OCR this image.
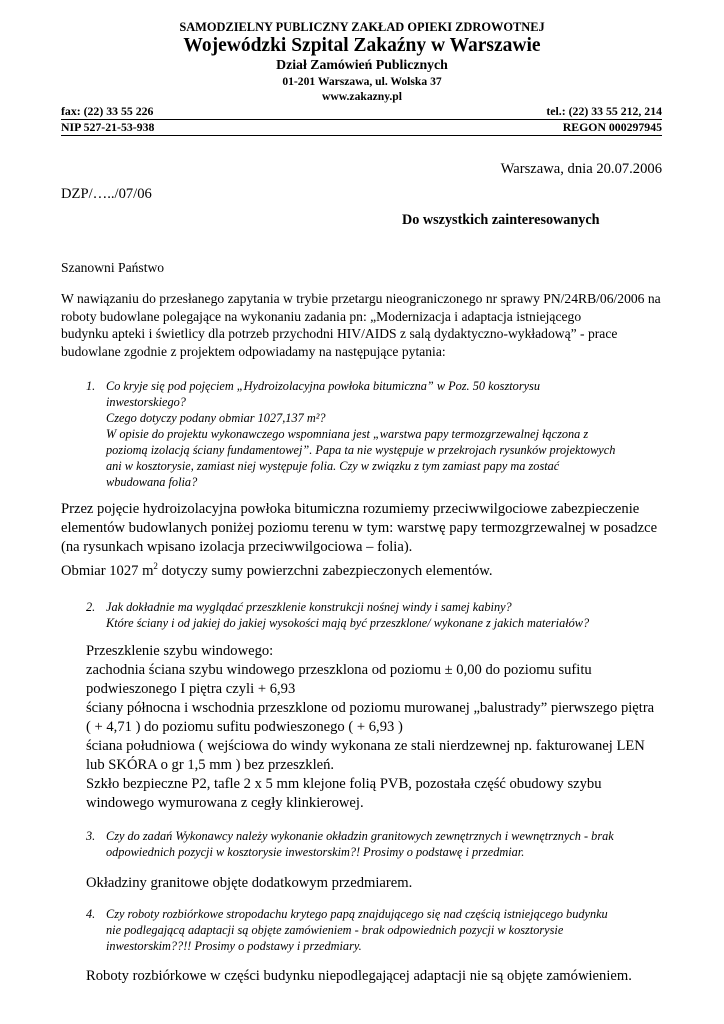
SAMODZIELNY PUBLICZNY ZAKŁAD OPIEKI ZDROWOTNEJ
Wojewódzki Szpital Zakaźny w Warszawie
Dział Zamówień Publicznych
01-201 Warszawa, ul. Wolska 37
www.zakazny.pl
fax: (22) 33 55 226	tel.: (22) 33 55 212, 214
NIP 527-21-53-938	REGON 000297945
Warszawa, dnia 20.07.2006
DZP/…../07/06
Do wszystkich zainteresowanych
Szanowni Państwo
W nawiązaniu do przesłanego zapytania w trybie przetargu nieograniczonego nr sprawy PN/24RB/06/2006 na
roboty budowlane polegające na wykonaniu zadania pn: „Modernizacja i adaptacja istniejącego
budynku apteki i świetlicy dla potrzeb przychodni HIV/AIDS z salą dydaktyczno-wykładową” - prace
budowlane zgodnie z projektem odpowiadamy na następujące pytania:
1. Co kryje się pod pojęciem „Hydroizolacyjna powłoka bitumiczna” w Poz. 50 kosztorysu
inwestorskiego?
Czego dotyczy podany obmiar 1027,137 m²?
W opisie do projektu wykonawczego wspomniana jest „warstwa papy termozgrzewalnej łączona z
poziomą izolacją ściany fundamentowej”. Papa ta nie występuje w przekrojach rysunków projektowych
ani w kosztorysie, zamiast niej występuje folia. Czy w związku z tym zamiast papy ma zostać
wbudowana folia?
Przez pojęcie hydroizolacyjna powłoka bitumiczna rozumiemy przeciwwilgociowe zabezpieczenie
elementów budowlanych poniżej poziomu terenu w tym: warstwę papy termozgrzewalnej w posadzce
(na rysunkach wpisano izolacja przeciwwilgociowa – folia).
Obmiar 1027 $m^2$ dotyczy sumy powierzchni zabezpieczonych elementów.
2. Jak dokładnie ma wyglądać przeszklenie konstrukcji nośnej windy i samej kabiny?
Które ściany i od jakiej do jakiej wysokości mają być przeszklone/ wykonane z jakich materiałów?
Przeszklenie szybu windowego:
zachodnia ściana szybu windowego przeszklona od poziomu ± 0,00 do poziomu sufitu
podwieszonego I piętra czyli + 6,93
ściany północna i wschodnia przeszklone od poziomu murowanej „balustrady” pierwszego piętra
( + 4,71 ) do poziomu sufitu podwieszonego ( + 6,93 )
ściana południowa ( wejściowa do windy wykonana ze stali nierdzewnej np. fakturowanej LEN
lub SKÓRA o gr 1,5 mm ) bez przeszkleń.
Szkło bezpieczne P2, tafle 2 x 5 mm klejone folią PVB, pozostała część obudowy szybu
windowego wymurowana z cegły klinkierowej.
3. Czy do zadań Wykonawcy należy wykonanie okładzin granitowych zewnętrznych i wewnętrznych - brak
odpowiednich pozycji w kosztorysie inwestorskim?! Prosimy o podstawę i przedmiar.
Okładziny granitowe objęte dodatkowym przedmiarem.
4. Czy roboty rozbiórkowe stropodachu krytego papą znajdującego się nad częścią istniejącego budynku
nie podlegającą adaptacji są objęte zamówieniem - brak odpowiednich pozycji w kosztorysie
inwestorskim??!! Prosimy o podstawy i przedmiary.
Roboty rozbiórkowe w części budynku niepodlegającej adaptacji nie są objęte zamówieniem.
